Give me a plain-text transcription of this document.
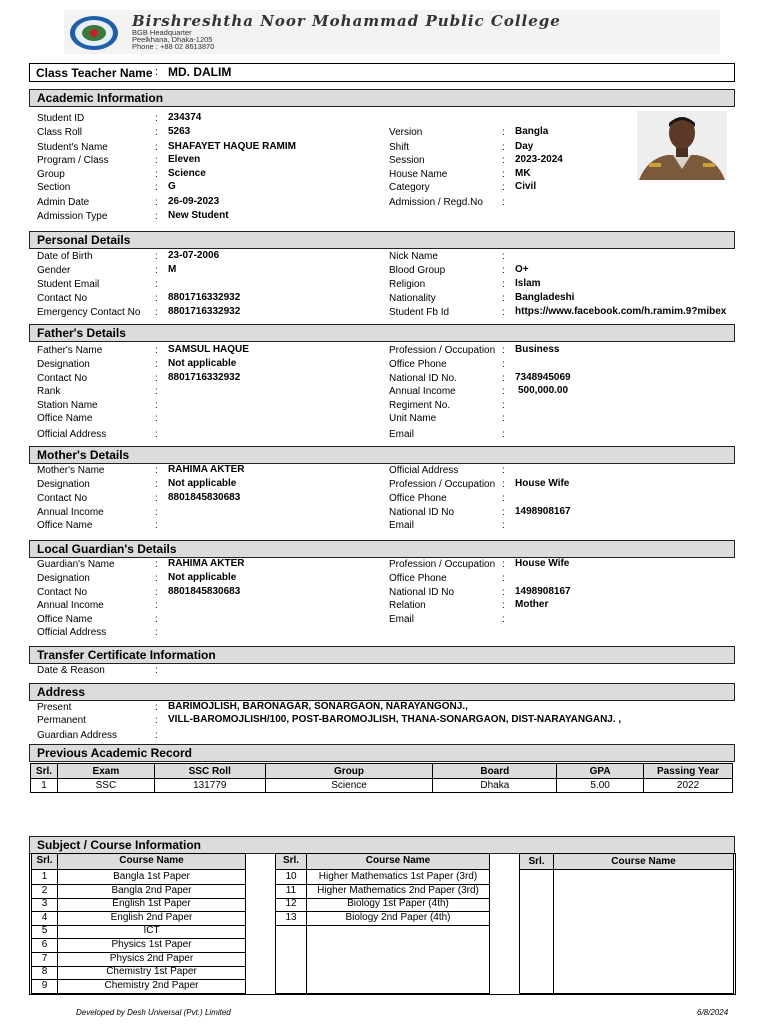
Birshreshtha Noor Mohammad Public College
BGB Headquarter
Peelkhana, Dhaka-1205
Phone : +88 02 8613870
Class Teacher Name : MD. DALIM
Academic Information
Student ID	: 234374
Class Roll	: 5263
Student's Name	: SHAFAYET HAQUE RAMIM
Program / Class	: Eleven
Group	: Science
Section	: G
Admin Date	: 26-09-2023
Admission Type	: New Student
Version	: Bangla
Shift	: Day
Session	: 2023-2024
House Name	: MK
Category	: Civil
Admission / Regd.No :
Personal Details
Date of Birth	: 23-07-2006
Gender	: M
Student Email	:
Contact No	: 8801716332932
Emergency Contact No : 8801716332932
Nick Name	:
Blood Group	: O+
Religion	: Islam
Nationality	: Bangladeshi
Student Fb Id	: https://www.facebook.com/h.ramim.9?mibex
Father's Details
Father's Name	: SAMSUL HAQUE
Designation	: Not applicable
Contact No	: 8801716332932
Rank	:
Station Name	:
Office Name	:
Official Address	:
Profession / Occupation : Business
Office Phone	:
National ID No.	: 7348945069
Annual Income	: 500,000.00
Regiment No.	:
Unit Name	:
Email	:
Mother's Details
Mother's Name	: RAHIMA AKTER
Designation	: Not applicable
Contact No	: 8801845830683
Annual Income	:
Office Name	:
Official Address	:
Profession / Occupation : House Wife
Office Phone	:
National ID No	: 1498908167
Email	:
Local Guardian's Details
Guardian's Name	: RAHIMA AKTER
Designation	: Not applicable
Contact No	: 8801845830683
Annual Income	:
Office Name	:
Official Address	:
Profession / Occupation : House Wife
Office Phone	:
National ID No	: 1498908167
Relation	: Mother
Email	:
Transfer Certificate Information
Date & Reason	:
Address
Present	: BARIMOJLISH, BARONAGAR, SONARGAON, NARAYANGONJ.,
Permanent	: VILL-BAROMOJLISH/100, POST-BAROMOJLISH, THANA-SONARGAON, DIST-NARAYANGANJ. ,
Guardian Address	:
Previous Academic Record
Srl.	Exam	SSC Roll	Group	Board	GPA	Passing Year
1	SSC	131779	Science	Dhaka	5.00	2022
Subject / Course Information
Srl.	Course Name
1	Bangla 1st Paper
2	Bangla 2nd Paper
3	English 1st Paper
4	English 2nd Paper
5	ICT
6	Physics 1st Paper
7	Physics 2nd Paper
8	Chemistry 1st Paper
9	Chemistry 2nd Paper
Srl.	Course Name
10	Higher Mathematics 1st Paper (3rd)
11	Higher Mathematics 2nd Paper (3rd)
12	Biology 1st Paper (4th)
13	Biology 2nd Paper (4th)
Srl.	Course Name
Developed by Desh Universal (Pvt.) Limited	6/8/2024
